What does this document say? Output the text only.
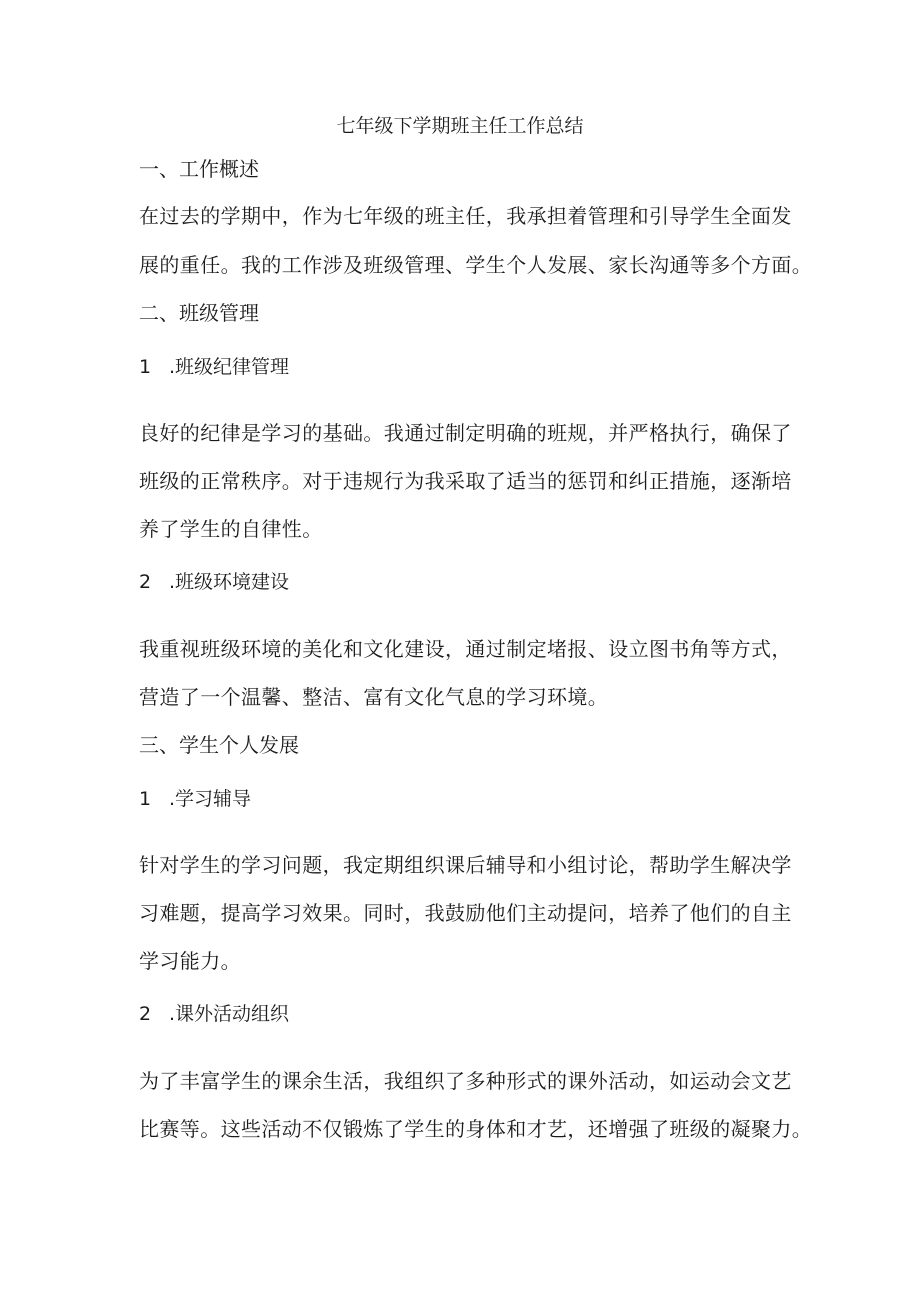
七年级下学期班主任工作总结
一、工作概述
在过去的学期中，作为七年级的班主任，我承担着管理和引导学生全面发
展的重任。我的工作涉及班级管理、学生个人发展、家长沟通等多个方面。
二、班级管理
1 .班级纪律管理
良好的纪律是学习的基础。我通过制定明确的班规，并严格执行，确保了
班级的正常秩序。对于违规行为我采取了适当的惩罚和纠正措施，逐渐培
养了学生的自律性。
2 .班级环境建设
我重视班级环境的美化和文化建设，通过制定堵报、设立图书角等方式，
营造了一个温馨、整洁、富有文化气息的学习环境。
三、学生个人发展
1 .学习辅导
针对学生的学习问题，我定期组织课后辅导和小组讨论，帮助学生解决学
习难题，提高学习效果。同时，我鼓励他们主动提问，培养了他们的自主
学习能力。
2 .课外活动组织
为了丰富学生的课余生活，我组织了多种形式的课外活动，如运动会文艺
比赛等。这些活动不仅锻炼了学生的身体和才艺，还增强了班级的凝聚力。
